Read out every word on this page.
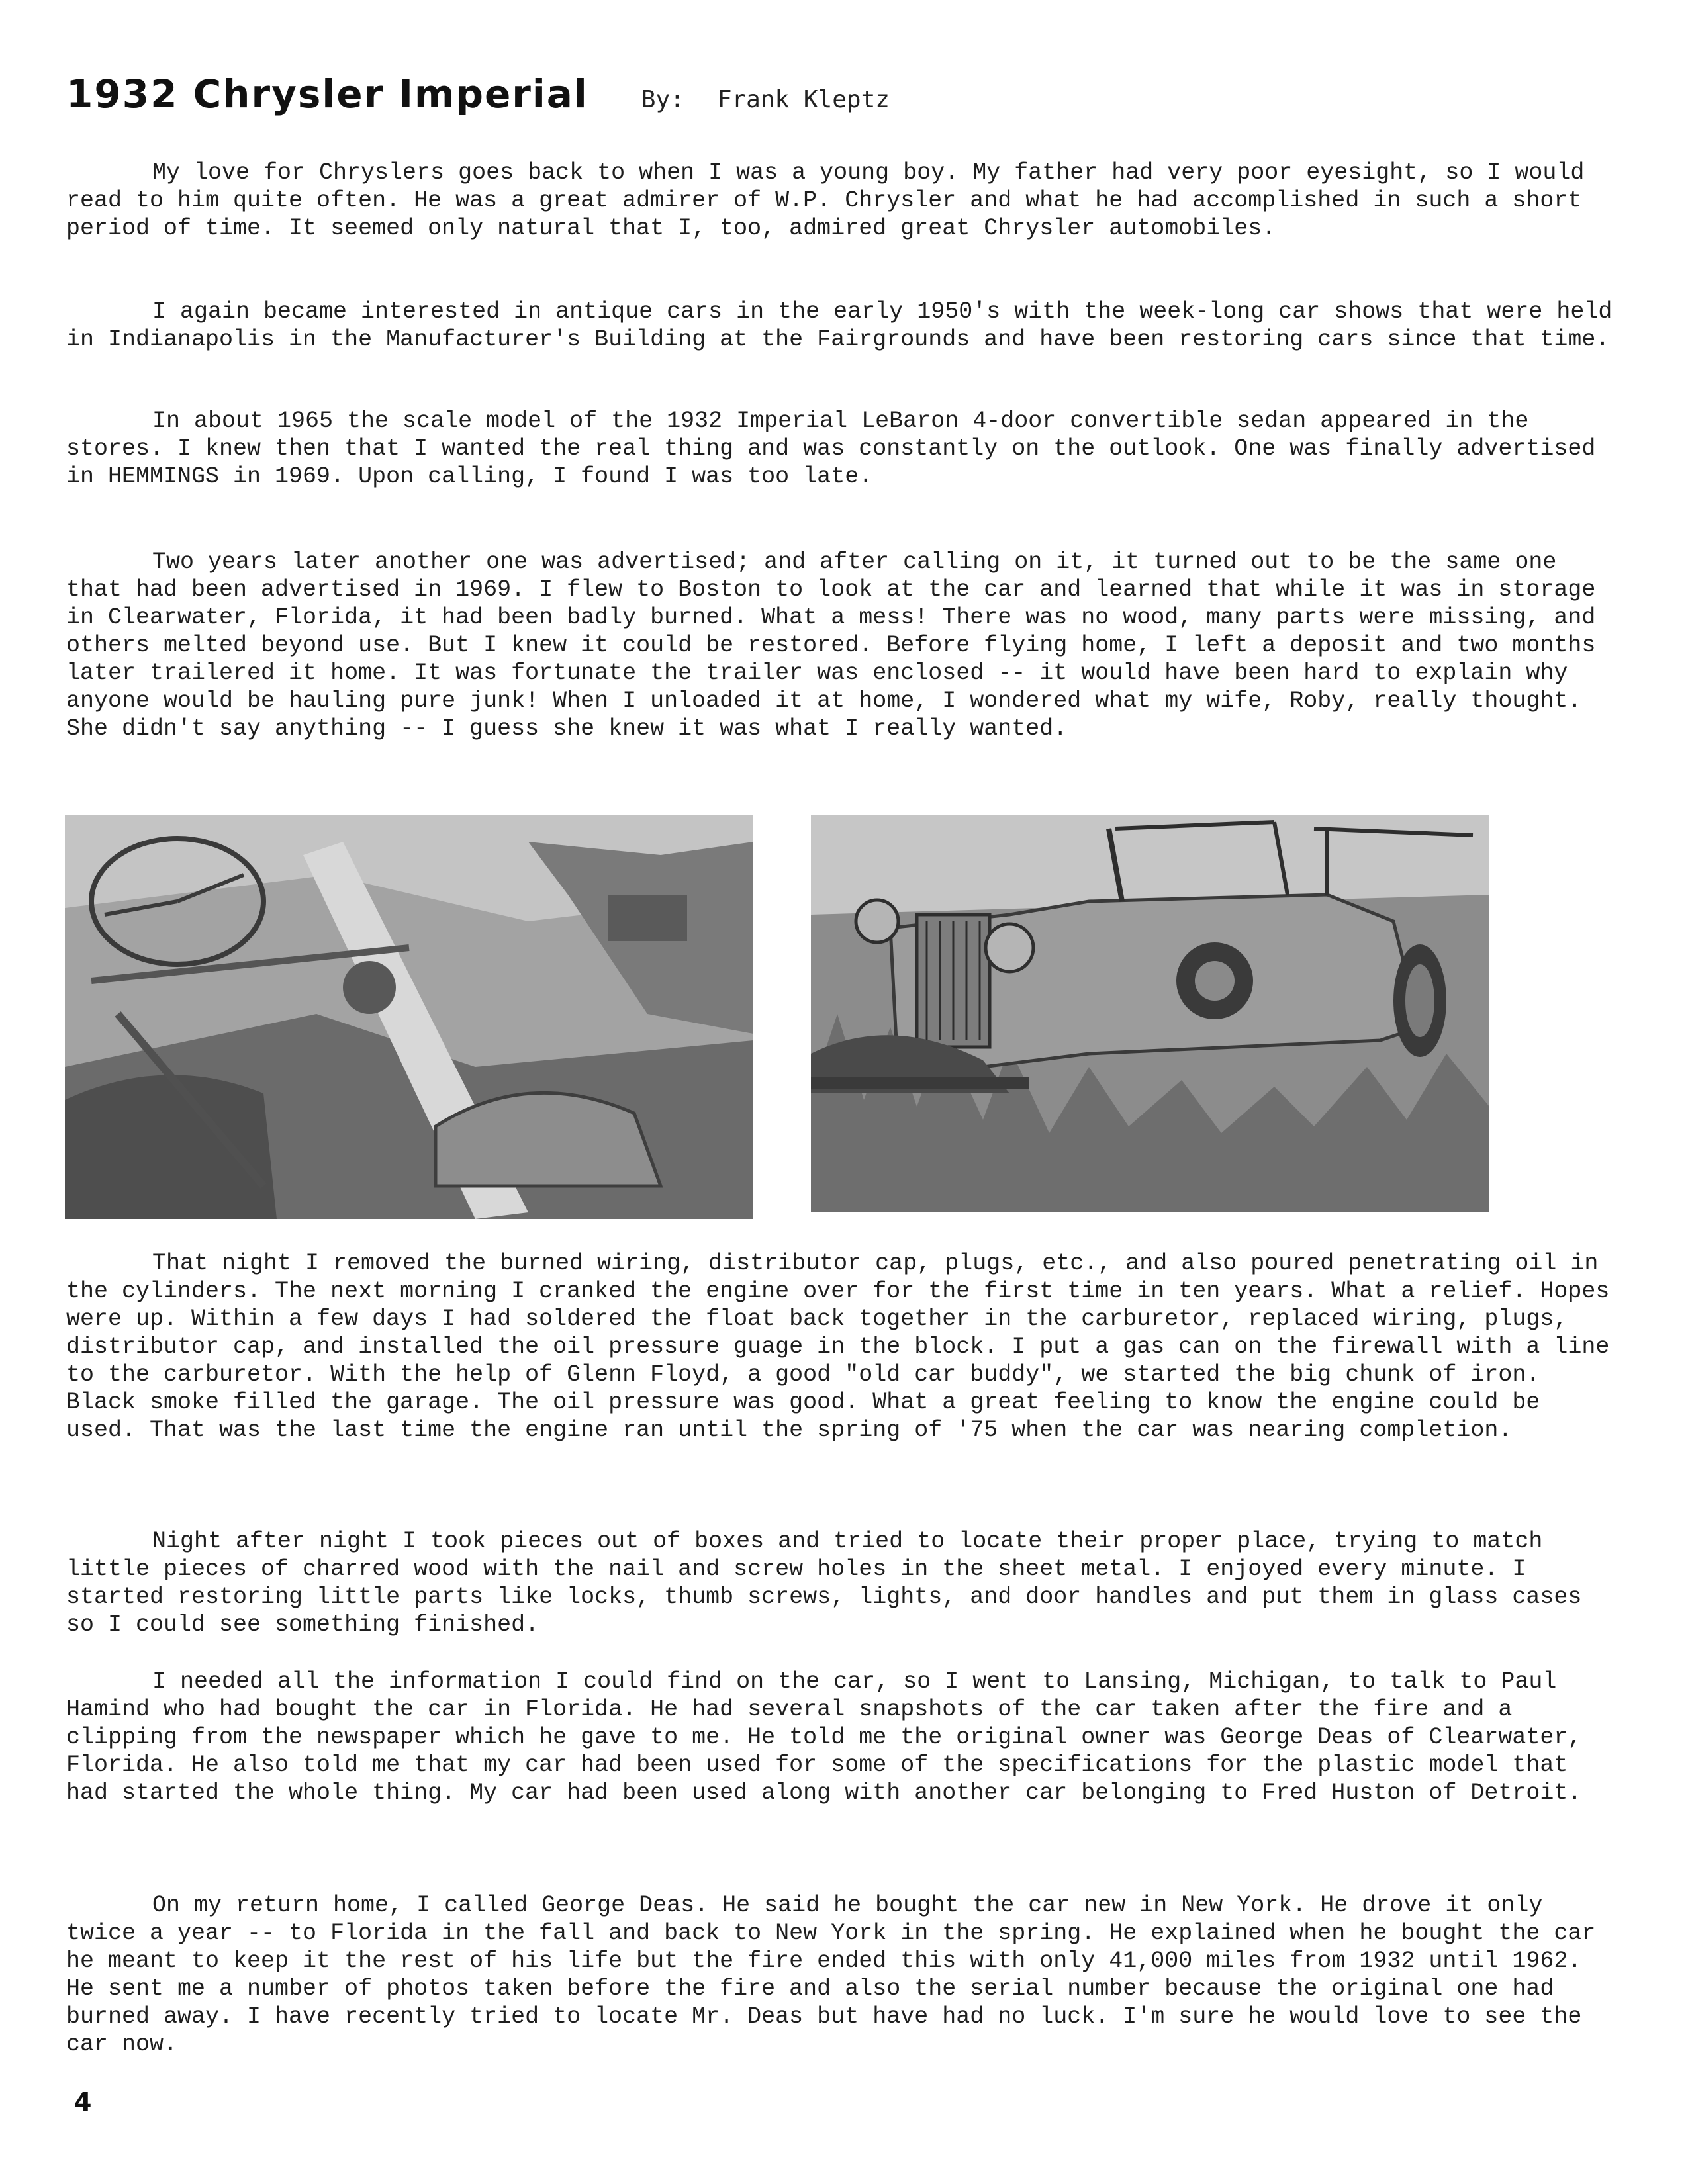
1932 Chrysler Imperial By: Frank Kleptz

My love for Chryslers goes back to when I was a young boy. My father had very poor eyesight, so I would read to him quite often. He was a great admirer of W.P. Chrysler and what he had accomplished in such a short period of time. It seemed only natural that I, too, admired great Chrysler automobiles.

I again became interested in antique cars in the early 1950's with the week-long car shows that were held in Indianapolis in the Manufacturer's Building at the Fairgrounds and have been restoring cars since that time.

In about 1965 the scale model of the 1932 Imperial LeBaron 4-door convertible sedan appeared in the stores. I knew then that I wanted the real thing and was constantly on the outlook. One was finally advertised in HEMMINGS in 1969. Upon calling, I found I was too late.

Two years later another one was advertised; and after calling on it, it turned out to be the same one that had been advertised in 1969. I flew to Boston to look at the car and learned that while it was in storage in Clearwater, Florida, it had been badly burned. What a mess! There was no wood, many parts were missing, and others melted beyond use. But I knew it could be restored. Before flying home, I left a deposit and two months later trailered it home. It was fortunate the trailer was enclosed -- it would have been hard to explain why anyone would be hauling pure junk! When I unloaded it at home, I wondered what my wife, Roby, really thought. She didn't say anything -- I guess she knew it was what I really wanted.

That night I removed the burned wiring, distributor cap, plugs, etc., and also poured penetrating oil in the cylinders. The next morning I cranked the engine over for the first time in ten years. What a relief. Hopes were up. Within a few days I had soldered the float back together in the carburetor, replaced wiring, plugs, distributor cap, and installed the oil pressure guage in the block. I put a gas can on the firewall with a line to the carburetor. With the help of Glenn Floyd, a good "old car buddy", we started the big chunk of iron. Black smoke filled the garage. The oil pressure was good. What a great feeling to know the engine could be used. That was the last time the engine ran until the spring of '75 when the car was nearing completion.

Night after night I took pieces out of boxes and tried to locate their proper place, trying to match little pieces of charred wood with the nail and screw holes in the sheet metal. I enjoyed every minute. I started restoring little parts like locks, thumb screws, lights, and door handles and put them in glass cases so I could see something finished.

I needed all the information I could find on the car, so I went to Lansing, Michigan, to talk to Paul Hamind who had bought the car in Florida. He had several snapshots of the car taken after the fire and a clipping from the newspaper which he gave to me. He told me the original owner was George Deas of Clearwater, Florida. He also told me that my car had been used for some of the specifications for the plastic model that had started the whole thing. My car had been used along with another car belonging to Fred Huston of Detroit.

On my return home, I called George Deas. He said he bought the car new in New York. He drove it only twice a year -- to Florida in the fall and back to New York in the spring. He explained when he bought the car he meant to keep it the rest of his life but the fire ended this with only 41,000 miles from 1932 until 1962. He sent me a number of photos taken before the fire and also the serial number because the original one had burned away. I have recently tried to locate Mr. Deas but have had no luck. I'm sure he would love to see the car now.

4
